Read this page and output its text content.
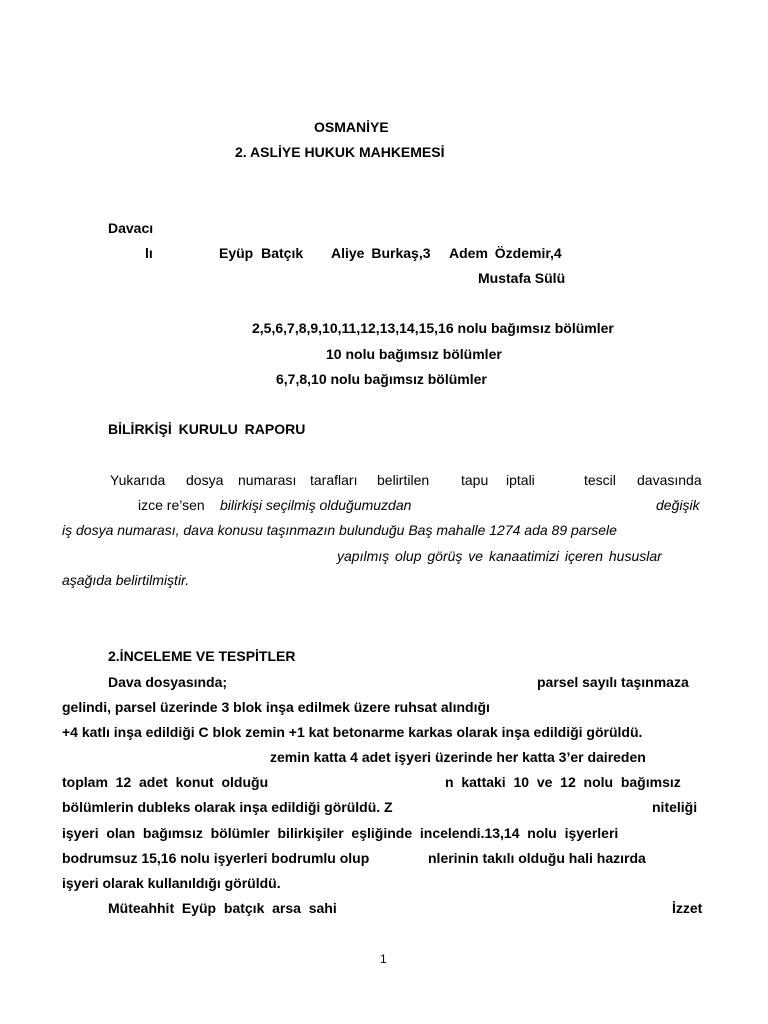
OSMANİYE
2. ASLİYE HUKUK MAHKEMESİ
Davacı
lı	Eyüp Batçık Aliye Burkaş,3 Adem Özdemir,4
Mustafa Sülü
2,5,6,7,8,9,10,11,12,13,14,15,16 nolu bağımsız bölümler
10 nolu bağımsız bölümler
6,7,8,10 nolu bağımsız bölümler
BİLİRKİŞİ KURULU RAPORU
Yukarıda dosya numarası tarafları belirtilen tapu iptali	tescil davasında
izce re’sen bilirkişi seçilmiş olduğumuzdan	değişik
iş dosya numarası, dava konusu taşınmazın bulunduğu Baş mahalle 1274 ada 89 parsele
yapılmış olup görüş ve kanaatimizi içeren hususlar
aşağıda belirtilmiştir.
2.İNCELEME VE TESPİTLER
Dava dosyasında;	parsel sayılı taşınmaza
gelindi, parsel üzerinde 3 blok inşa edilmek üzere ruhsat alındığı
+4 katlı inşa edildiği C blok zemin +1 kat betonarme karkas olarak inşa edildiği görüldü.
zemin katta 4 adet işyeri üzerinde her katta 3’er daireden
toplam  12  adet  konut  olduğu	n  kattaki  10  ve  12  nolu  bağımsız
bölümlerin dubleks olarak inşa edildiği görüldü. Z	niteliği
işyeri  olan  bağımsız  bölümler  bilirkişiler  eşliğinde  incelendi.13,14  nolu  işyerleri
bodrumsuz 15,16 nolu işyerleri bodrumlu olup	nlerinin takılı olduğu hali hazırda
işyeri olarak kullanıldığı görüldü.
Müteahhit  Eyüp  batçık  arsa  sahi	İzzet
1
